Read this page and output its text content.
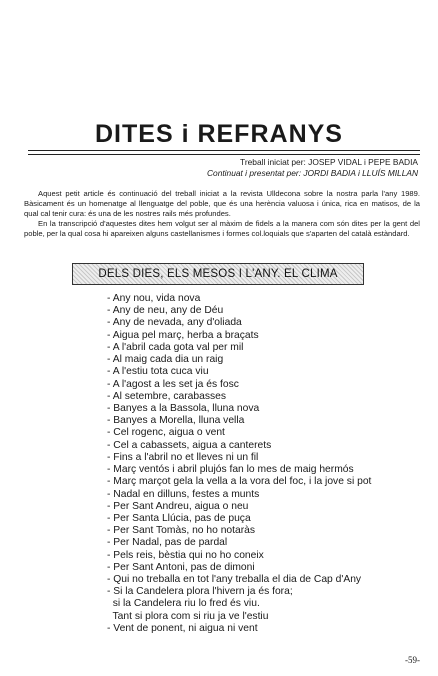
DITES i REFRANYS
Treball iniciat per: JOSEP VIDAL i PEPE BADIA
Continuat i presentat per: JORDI BADIA i LLUÍS MILLAN

Aquest petit article és continuació del treball iniciat a la revista Ulldecona sobre la nostra parla l'any 1989. Bàsicament és un homenatge al llenguatge del poble, que és una herència valuosa i única, rica en matisos, de la qual cal tenir cura: és una de les nostres rails més profundes.

En la transcripció d'aquestes dites hem volgut ser al màxim de fidels a la manera com són dites per la gent del poble, per la qual cosa hi apareixen alguns castellanismes i formes col.loquials que s'aparten del català estàndard.

DELS DIES, ELS MESOS I L'ANY. EL CLIMA
- Any nou, vida nova
- Any de neu, any de Déu
- Any de nevada, any d'oliada
- Aigua pel març, herba a braçats
- A l'abril cada gota val per mil
- Al maig cada dia un raig
- A l'estiu tota cuca viu
- A l'agost a les set ja és fosc
- Al setembre, carabasses
- Banyes a la Bassola, lluna nova
- Banyes a Morella, lluna vella
- Cel rogenc, aigua o vent
- Cel a cabassets, aigua a canterets
- Fins a l'abril no et lleves ni un fil
- Març ventós i abril plujós fan lo mes de maig hermós
- Març marçot gela la vella a la vora del foc, i la jove si pot
- Nadal en dilluns, festes a munts
- Per Sant Andreu, aigua o neu
- Per Santa Llúcia, pas de puça
- Per Sant Tomàs, no ho notaràs
- Per Nadal, pas de pardal
- Pels reis, bèstia qui no ho coneix
- Per Sant Antoni, pas de dimoni
- Qui no treballa en tot l'any treballa el dia de Cap d'Any
- Si la Candelera plora l'hivern ja és fora;
si la Candelera riu lo fred és viu.
Tant si plora com si riu ja ve l'estiu
- Vent de ponent, ni aigua ni vent
-59-
